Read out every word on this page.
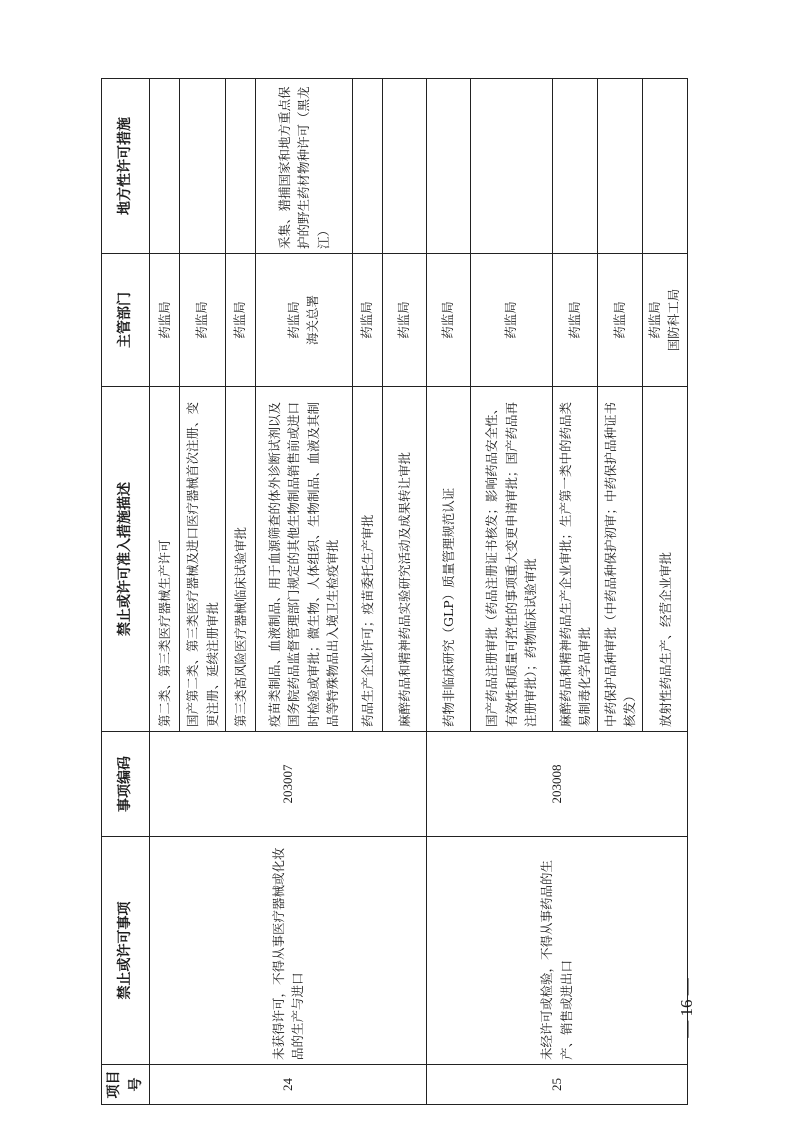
项目号	禁止或许可事项	事项编码	禁止或许可准入措施描述	主管部门	地方性许可措施
24	未获得许可，不得从事医疗器械或化妆品的生产与进口	203007	第二类、第三类医疗器械生产许可	药监局	

			国产第二类、第三类医疗器械及进口医疗器械首次注册、变更注册、延续注册审批	药监局	

			第三类高风险医疗器械临床试验审批	药监局	

			疫苗类制品、血液制品、用于血源筛查的体外诊断试剂以及国务院药品监督管理部门规定的其他生物制品销售前或进口时检验或审批；微生物、人体组织、生物制品、血液及其制品等特殊物品出入境卫生检疫审批	药监局 海关总署	采集、猎捕国家和地方重点保护的野生药材物种许可（黑龙江）
			药品生产企业许可；疫苗委托生产审批	药监局	

			麻醉药品和精神药品实验研究活动及成果转让审批	药监局	

25	未经许可或检验，不得从事药品的生产、销售或进出口	203008	药物非临床研究（GLP）质量管理规范认证	药监局	

			国产药品注册审批（药品注册证书核发；影响药品安全性、有效性和质量可控性的事项重大变更申请审批；国产药品再注册审批）；药物临床试验审批	药监局	

			麻醉药品和精神药品生产企业审批；生产第一类中的药品类易制毒化学品审批	药监局	

			中药保护品种审批（中药品种保护初审；中药保护品种证书核发）	药监局	

			放射性药品生产、经营企业审批	药监局 国防科工局	

— 16 —
